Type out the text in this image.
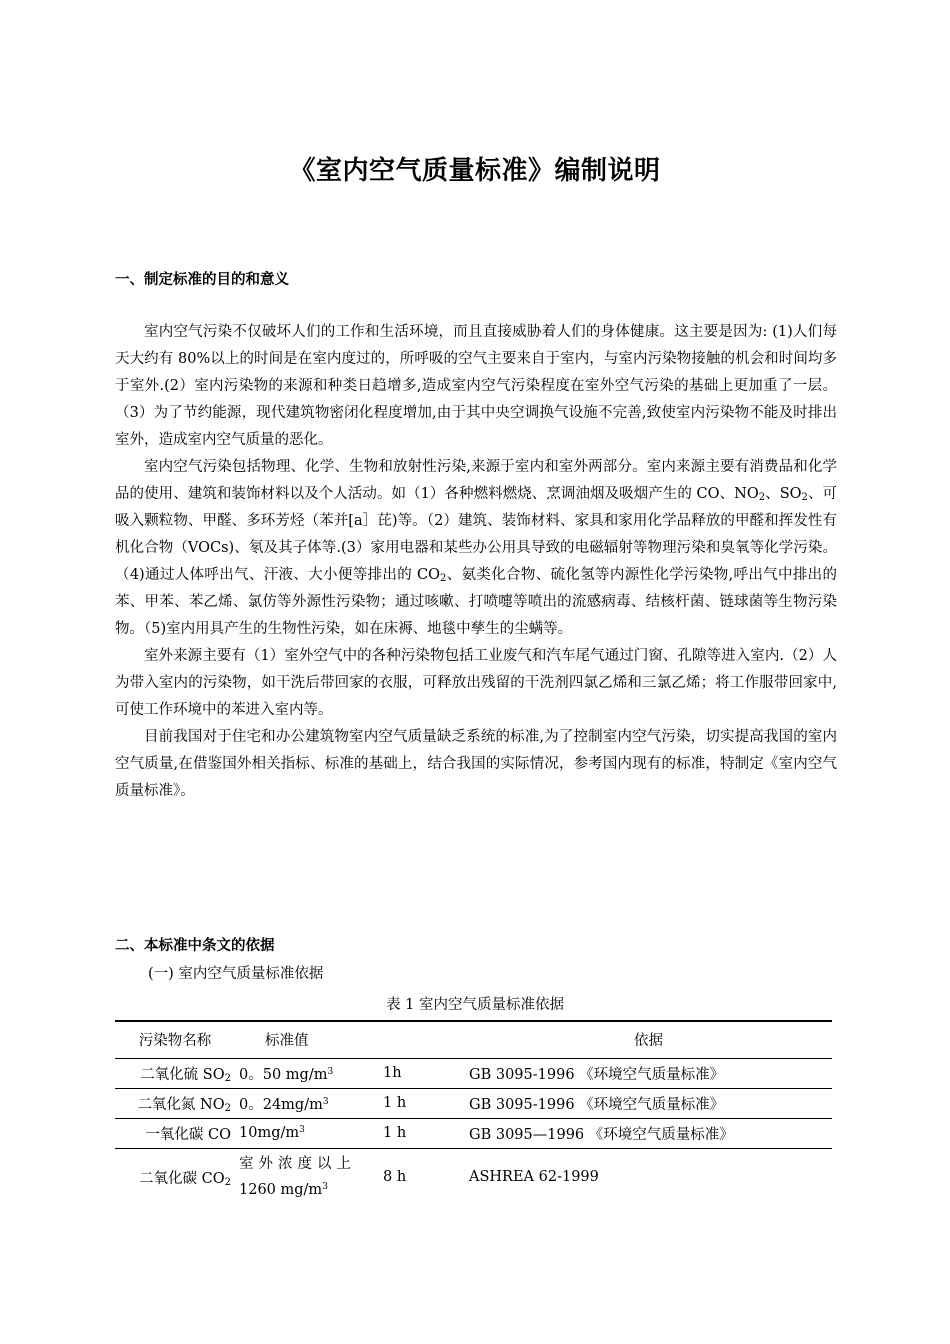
《室内空气质量标准》编制说明
一、制定标准的目的和意义

室内空气污染不仅破坏人们的工作和生活环境，而且直接威胁着人们的身体健康。这主要是因为: (1)人们每天大约有 80%以上的时间是在室内度过的，所呼吸的空气主要来自于室内，与室内污染物接触的机会和时间均多于室外.(2）室内污染物的来源和种类日趋增多,造成室内空气污染程度在室外空气污染的基础上更加重了一层。（3）为了节约能源，现代建筑物密闭化程度增加,由于其中央空调换气设施不完善,致使室内污染物不能及时排出室外，造成室内空气质量的恶化。

室内空气污染包括物理、化学、生物和放射性污染,来源于室内和室外两部分。室内来源主要有消费品和化学品的使用、建筑和装饰材料以及个人活动。如（1）各种燃料燃烧、烹调油烟及吸烟产生的 CO、$NO_2$、$SO_2$、可吸入颗粒物、甲醛、多环芳烃（苯并[a］芘)等。（2）建筑、装饰材料、家具和家用化学品释放的甲醛和挥发性有机化合物（VOCs)、氡及其子体等.(3）家用电器和某些办公用具导致的电磁辐射等物理污染和臭氧等化学污染。（4)通过人体呼出气、汗液、大小便等排出的 $CO_2$、氨类化合物、硫化氢等内源性化学污染物,呼出气中排出的苯、甲苯、苯乙烯、氯仿等外源性污染物；通过咳嗽、打喷嚏等喷出的流感病毒、结核杆菌、链球菌等生物污染物。（5)室内用具产生的生物性污染，如在床褥、地毯中孳生的尘螨等。

室外来源主要有（1）室外空气中的各种污染物包括工业废气和汽车尾气通过门窗、孔隙等进入室内.（2）人为带入室内的污染物，如干洗后带回家的衣服，可释放出残留的干洗剂四氯乙烯和三氯乙烯；将工作服带回家中,可使工作环境中的苯进入室内等。

目前我国对于住宅和办公建筑物室内空气质量缺乏系统的标准,为了控制室内空气污染，切实提高我国的室内空气质量,在借鉴国外相关指标、标准的基础上，结合我国的实际情况，参考国内现有的标准，特制定《室内空气质量标准》。

二、本标准中条文的依据
(一) 室内空气质量标准依据
表 1 室内空气质量标准依据
污染物名称	标准值		依据
二氧化硫 $SO_2$	0。50 $mg/m^3$	1h	GB 3095-1996 《环境空气质量标准》
二氧化氮 $NO_2$	0。$24mg/m^3$	1 h	GB 3095-1996 《环境空气质量标准》
一氧化碳 CO	$10mg/m^3$	1 h	GB 3095—1996 《环境空气质量标准》
二氧化碳 $CO_2$	室外浓度以上
1260 $mg/m^3$	8 h	ASHREA 62-1999
